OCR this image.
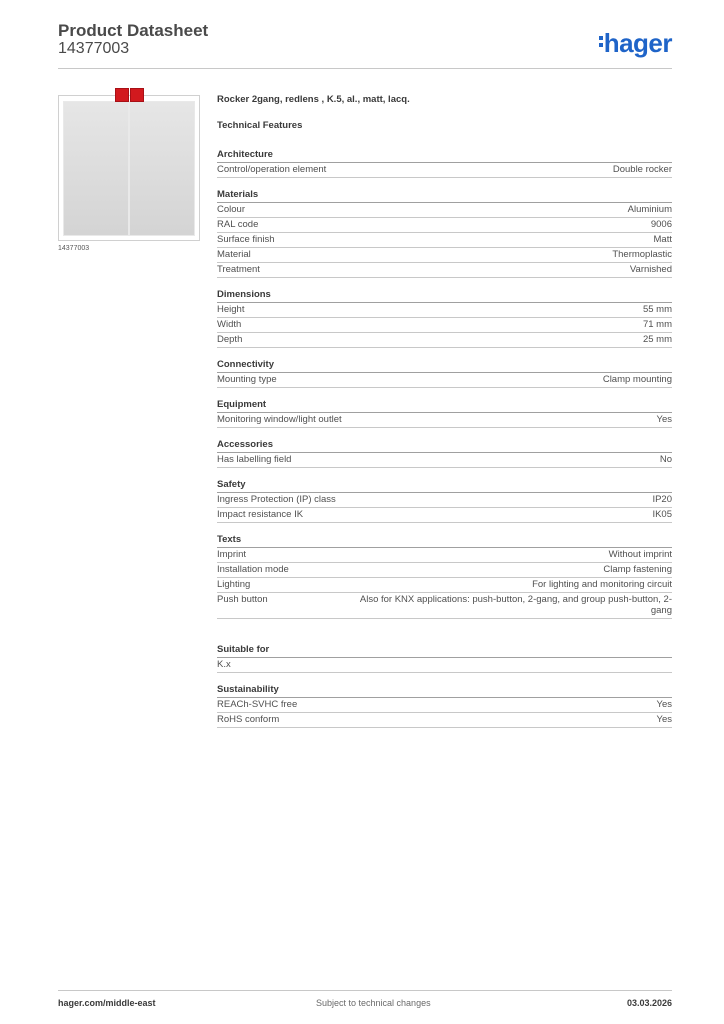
Product Datasheet
14377003	hager
14377003
Rocker 2gang, redlens , K.5, al., matt, lacq.
Technical Features
Architecture
Control/operation element	Double rocker
Materials
Colour	Aluminium
RAL code	9006
Surface finish	Matt
Material	Thermoplastic
Treatment	Varnished
Dimensions
Height	55 mm
Width	71 mm
Depth	25 mm
Connectivity
Mounting type	Clamp mounting
Equipment
Monitoring window/light outlet	Yes
Accessories
Has labelling field	No
Safety
Ingress Protection (IP) class	IP20
Impact resistance IK	IK05
Texts
Imprint	Without imprint
Installation mode	Clamp fastening
Lighting	For lighting and monitoring circuit
Push button	Also for KNX applications: push-button, 2-gang, and group push-button, 2-gang
Suitable for
K.x
Sustainability
REACh-SVHC free	Yes
RoHS conform	Yes
hager.com/middle-east	Subject to technical changes	03.03.2026
